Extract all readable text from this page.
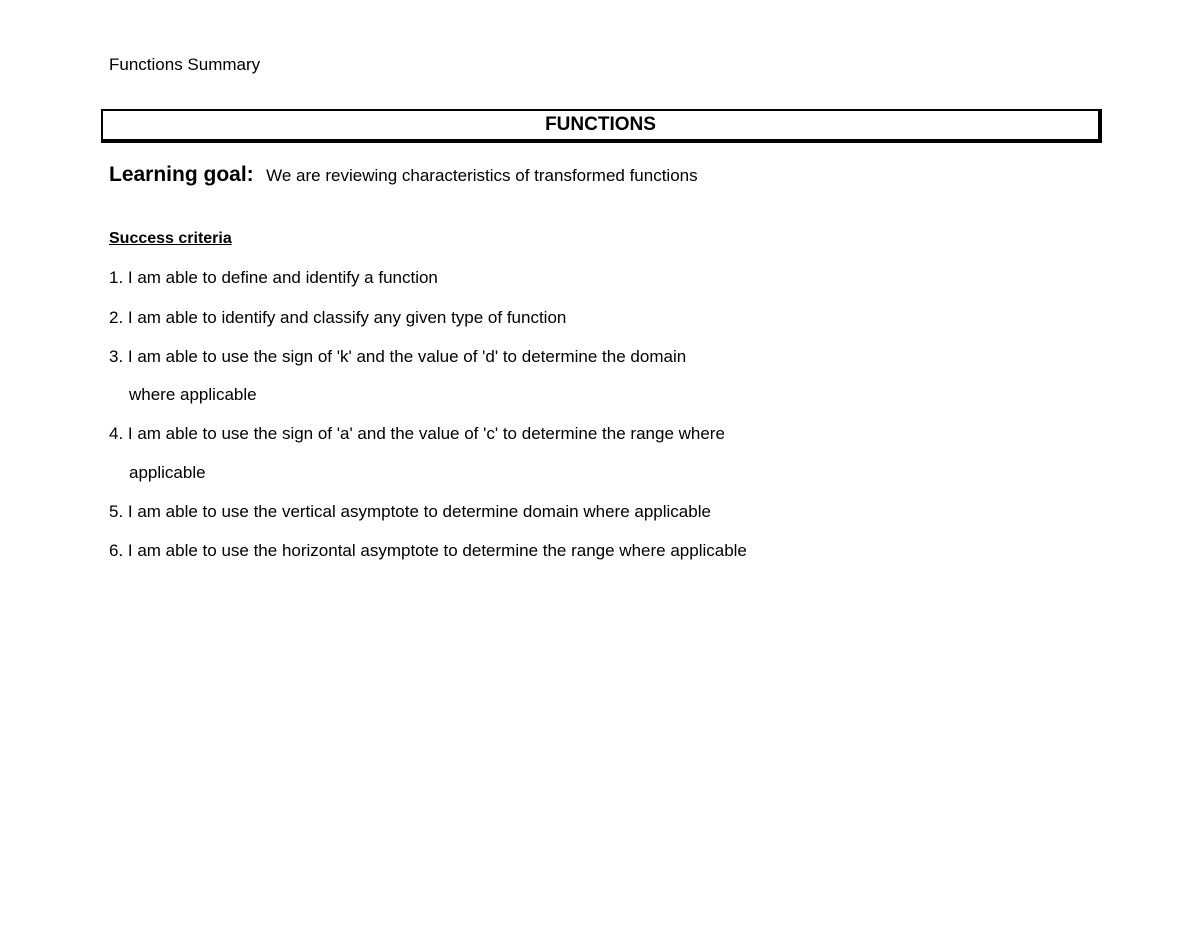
Functions Summary
FUNCTIONS
Learning goal: We are reviewing characteristics of transformed functions
Success criteria
1. I am able to define and identify a function
2. I am able to identify and classify any given type of function
3. I am able to use the sign of 'k' and the value of 'd' to determine the domain
where applicable
4. I am able to use the sign of 'a' and the value of 'c' to determine the range where
applicable
5. I am able to use the vertical asymptote to determine domain where applicable
6. I am able to use the horizontal asymptote to determine the range where applicable
